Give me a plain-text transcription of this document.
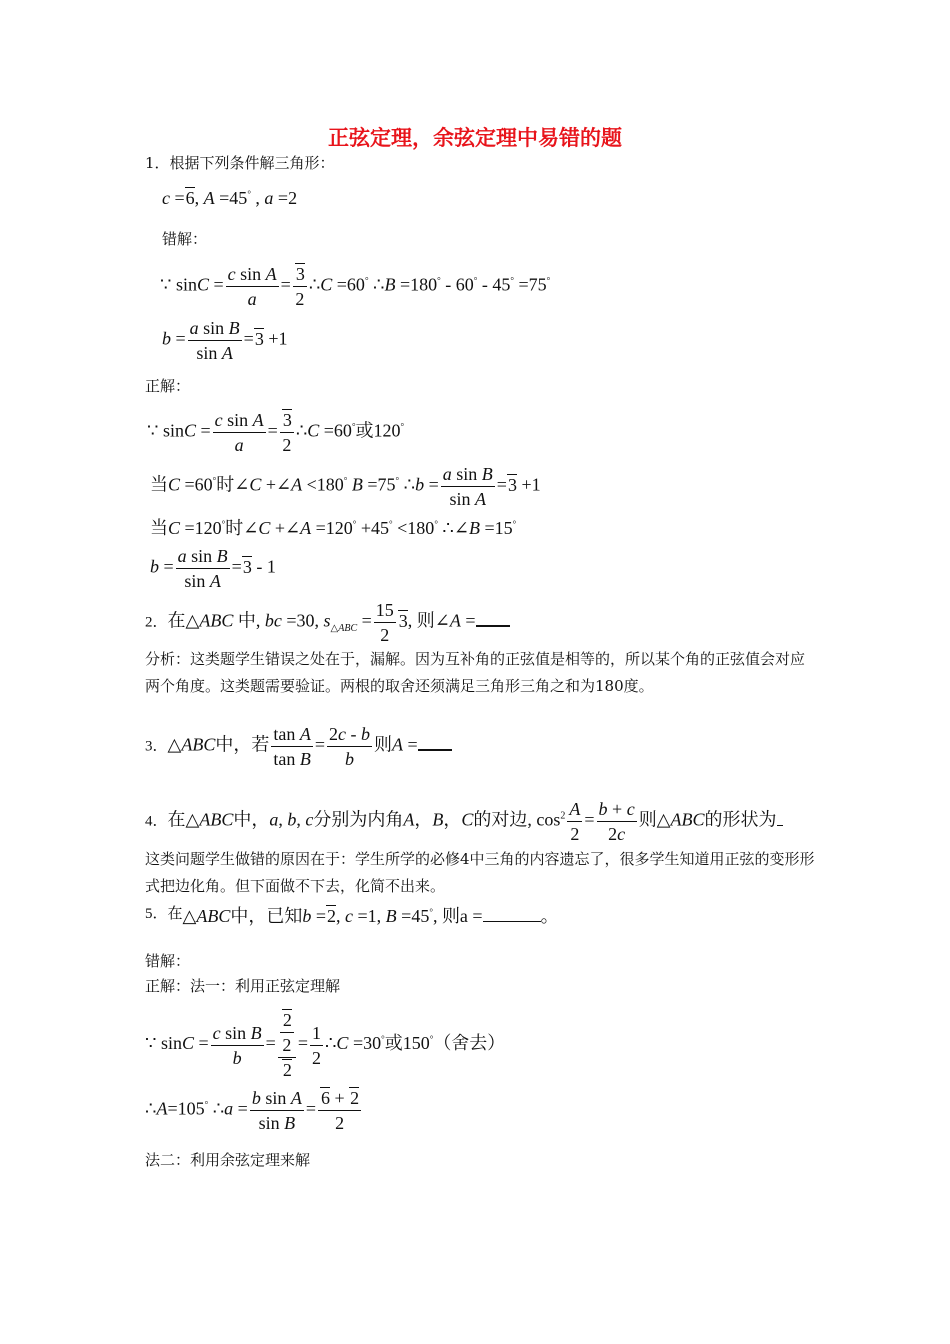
正弦定理，余弦定理中易错的题
1．根据下列条件解三角形：
c =6, A =45° , a =2
错解：
∵ $\sin C = \frac{\text{c sin A}}{a} = \frac{3}{2}$ ∴C =60° ∴B =180° - 60° - 45° =75°
$b = \frac{\text{a sin B}}{\text{sin A}} =3 +1$
正解：
∵ $\sin C = \frac{\text{c sin A}}{a} = \frac{3}{2}$ ∴C =60°或120°
当C =60°时∠C +∠A <180° B =75° ∴b = $\frac{\text{a sin B}}{\text{sin A}} =3 +1$
当C =120°时∠C +∠A =120° +45° <180° ∴∠B =15°
$b = \frac{\text{a sin B}}{\text{sin A}} =3 - 1$
2．在△ABC 中, bc =30, $s_{\triangle ABC} = \frac{15}{2} 3$, 则∠A =
分析：这类题学生错误之处在于，漏解。因为互补角的正弦值是相等的，所以某个角的正弦值会对应两个角度。这类题需要验证。两根的取舍还须满足三角形三角之和为180度。
3．△ABC中，若 $\frac{\text{tan A}}{\text{tan B}} = \frac{2c - b}{b}$ 则A =
4．在△ABC中，a, b, c分别为内角A，B，C的对边, $\cos^2 \frac{A}{2} = \frac{b + c}{2c}$ 则△ABC的形状为
这类问题学生做错的原因在于：学生所学的必修4中三角的内容遗忘了，很多学生知道用正弦的变形形式把边化角。但下面做不下去，化简不出来。
$^{5.在}$△ABC中，已知b =2, c =1, B =45°, 则a =	。
错解：
正解：法一：利用正弦定理解
∵ $\sin C = \frac{\text{c sin B}}{b} = \frac{\frac{2}{2}}{2} = \frac{1}{2}$ ∴C =30°或150°（舍去）
∴A=105° ∴a = $\frac{\text{b sin A}}{\text{sin B}} = \frac{6 + 2}{2}$
法二：利用余弦定理来解
